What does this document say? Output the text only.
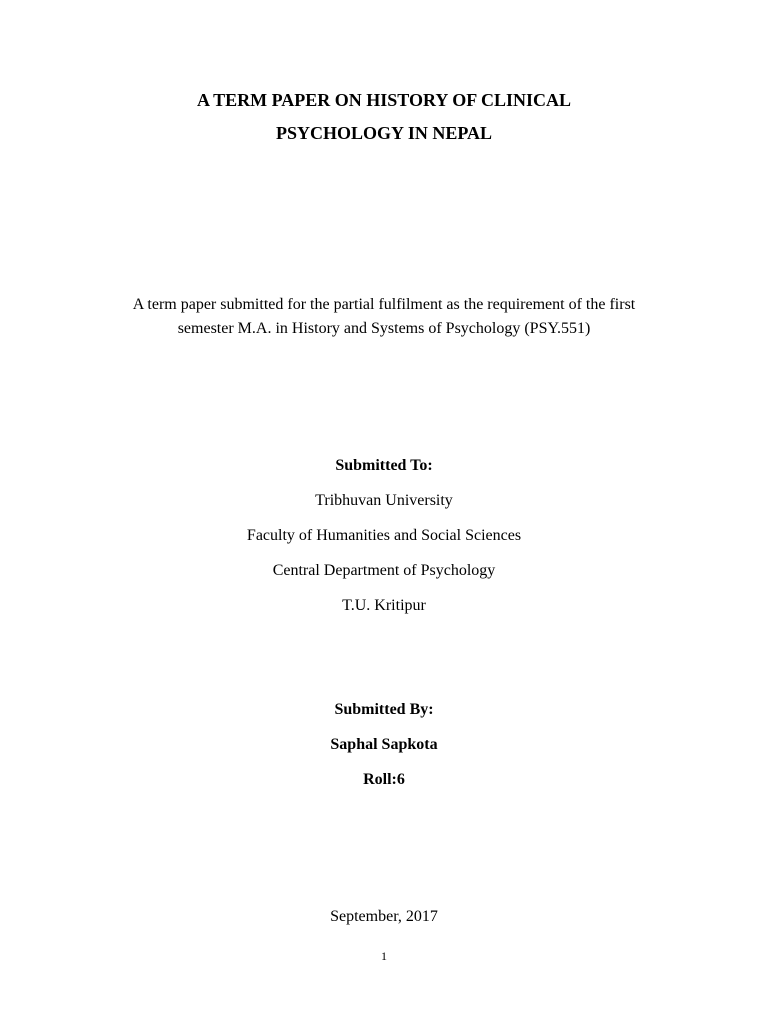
A TERM PAPER ON HISTORY OF CLINICAL
PSYCHOLOGY IN NEPAL
A term paper submitted for the partial fulfilment as the requirement of the first
semester M.A. in History and Systems of Psychology (PSY.551)
Submitted To:
Tribhuvan University
Faculty of Humanities and Social Sciences
Central Department of Psychology
T.U. Kritipur
Submitted By:
Saphal Sapkota
Roll:6
September, 2017
1
